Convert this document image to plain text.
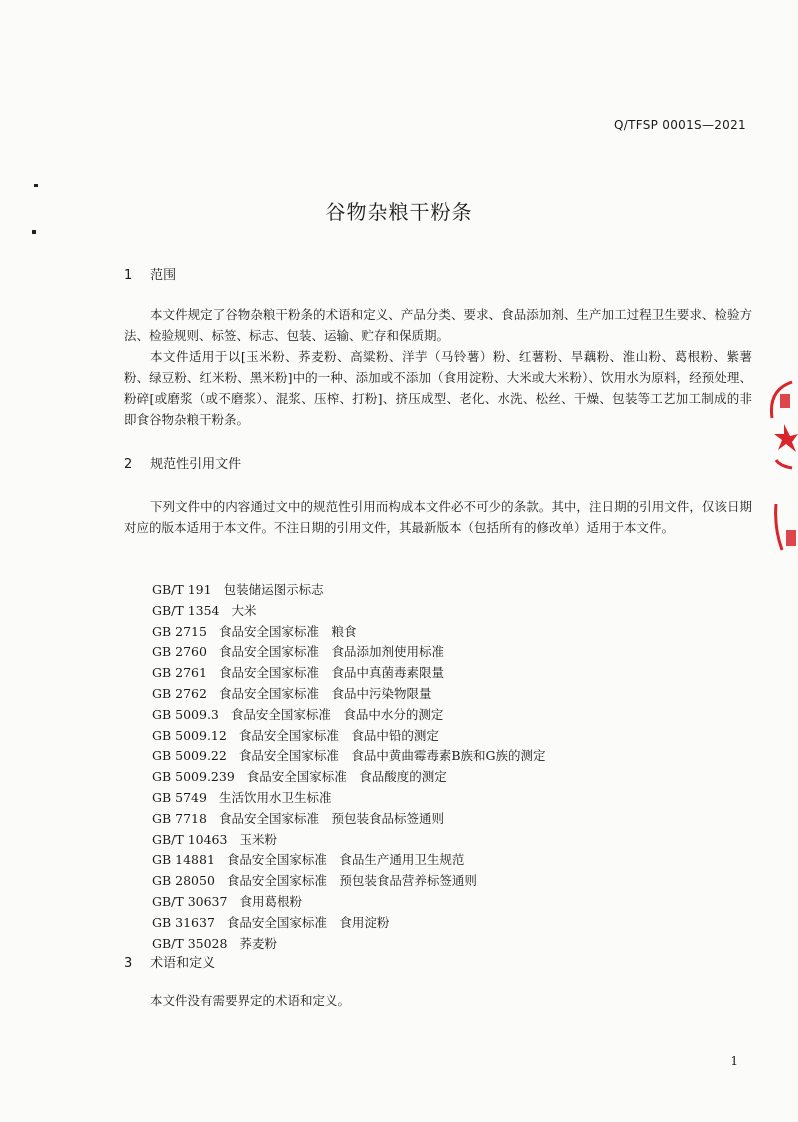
Q/TFSP 0001S—2021
谷物杂粮干粉条
1 范围
本文件规定了谷物杂粮干粉条的术语和定义、产品分类、要求、食品添加剂、生产加工过程卫生要求、检验方法、检验规则、标签、标志、包装、运输、贮存和保质期。
本文件适用于以[玉米粉、荞麦粉、高粱粉、洋芋（马铃薯）粉、红薯粉、旱藕粉、淮山粉、葛根粉、紫薯粉、绿豆粉、红米粉、黑米粉]中的一种、添加或不添加（食用淀粉、大米或大米粉）、饮用水为原料，经预处理、粉碎[或磨浆（或不磨浆）、混浆、压榨、打粉]、挤压成型、老化、水洗、松丝、干燥、包装等工艺加工制成的非即食谷物杂粮干粉条。
2 规范性引用文件
下列文件中的内容通过文中的规范性引用而构成本文件必不可少的条款。其中，注日期的引用文件，仅该日期对应的版本适用于本文件。不注日期的引用文件，其最新版本（包括所有的修改单）适用于本文件。
GB/T 191 包装储运图示标志
GB/T 1354 大米
GB 2715 食品安全国家标准　粮食
GB 2760 食品安全国家标准　食品添加剂使用标准
GB 2761 食品安全国家标准　食品中真菌毒素限量
GB 2762 食品安全国家标准　食品中污染物限量
GB 5009.3 食品安全国家标准　食品中水分的测定
GB 5009.12 食品安全国家标准　食品中铅的测定
GB 5009.22 食品安全国家标准　食品中黄曲霉毒素B族和G族的测定
GB 5009.239 食品安全国家标准　食品酸度的测定
GB 5749 生活饮用水卫生标准
GB 7718 食品安全国家标准　预包装食品标签通则
GB/T 10463 玉米粉
GB 14881 食品安全国家标准　食品生产通用卫生规范
GB 28050 食品安全国家标准　预包装食品营养标签通则
GB/T 30637 食用葛根粉
GB 31637 食品安全国家标准　食用淀粉
GB/T 35028 荞麦粉
3 术语和定义
本文件没有需要界定的术语和定义。
1
